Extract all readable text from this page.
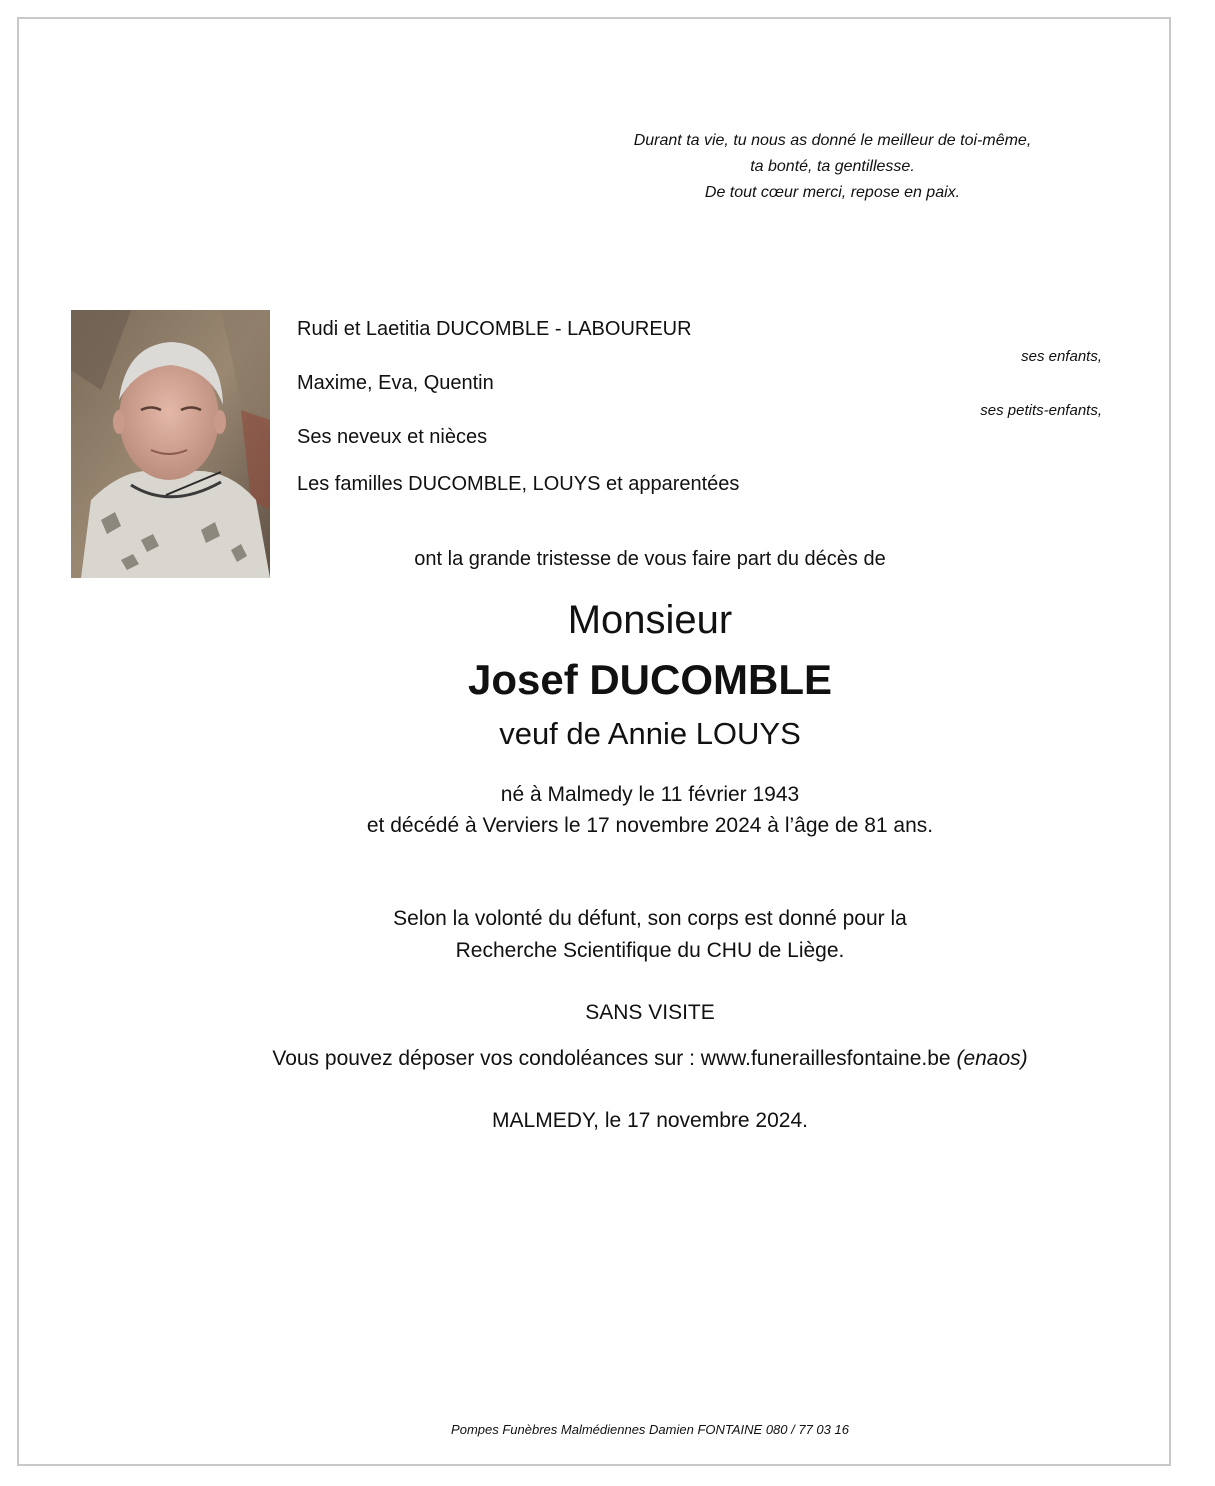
Durant ta vie, tu nous as donné le meilleur de toi-même,
ta bonté, ta gentillesse.
De tout cœur merci, repose en paix.
Rudi et Laetitia DUCOMBLE - LABOUREUR
ses enfants,
Maxime, Eva, Quentin
ses petits-enfants,
Ses neveux et nièces
Les familles DUCOMBLE, LOUYS et apparentées
ont la grande tristesse de vous faire part du décès de
Monsieur
Josef DUCOMBLE
veuf de Annie LOUYS
né à Malmedy le 11 février 1943
et décédé à Verviers le 17 novembre 2024 à l’âge de 81 ans.
Selon la volonté du défunt, son corps est donné pour la
Recherche Scientifique du CHU de Liège.
SANS VISITE
Vous pouvez déposer vos condoléances sur : www.funeraillesfontaine.be (enaos)
MALMEDY, le 17 novembre 2024.
Pompes Funèbres Malmédiennes Damien FONTAINE 080 / 77 03 16
